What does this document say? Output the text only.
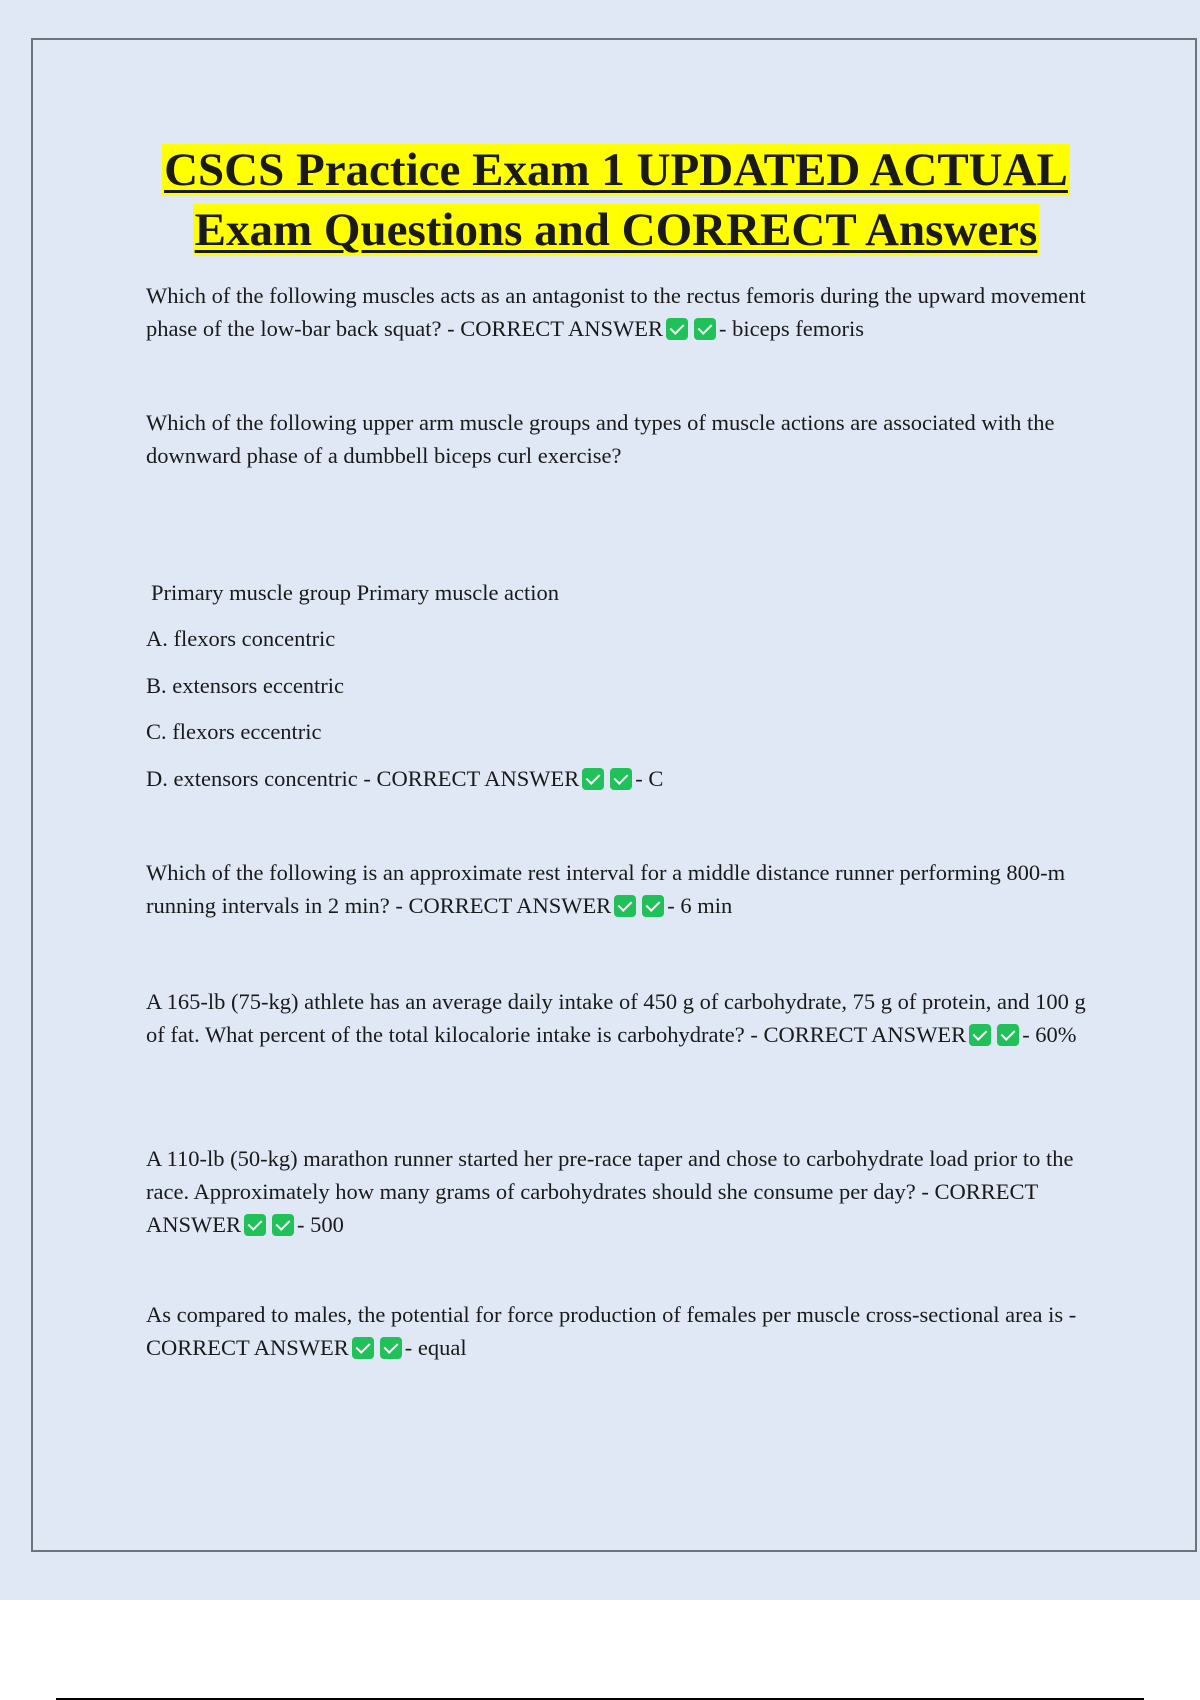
CSCS Practice Exam 1 UPDATED ACTUAL
Exam Questions and CORRECT Answers

Which of the following muscles acts as an antagonist to the rectus femoris during the upward movement phase of the low-bar back squat? - CORRECT ANSWER - biceps femoris

Which of the following upper arm muscle groups and types of muscle actions are associated with the downward phase of a dumbbell biceps curl exercise?

Primary muscle group Primary muscle action

A. flexors concentric

B. extensors eccentric

C. flexors eccentric

D. extensors concentric - CORRECT ANSWER - C

Which of the following is an approximate rest interval for a middle distance runner performing 800-m running intervals in 2 min? - CORRECT ANSWER - 6 min

A 165-lb (75-kg) athlete has an average daily intake of 450 g of carbohydrate, 75 g of protein, and 100 g of fat. What percent of the total kilocalorie intake is carbohydrate? - CORRECT ANSWER - 60%

A 110-lb (50-kg) marathon runner started her pre-race taper and chose to carbohydrate load prior to the race. Approximately how many grams of carbohydrates should she consume per day? - CORRECT ANSWER - 500

As compared to males, the potential for force production of females per muscle cross-sectional area is - CORRECT ANSWER - equal
